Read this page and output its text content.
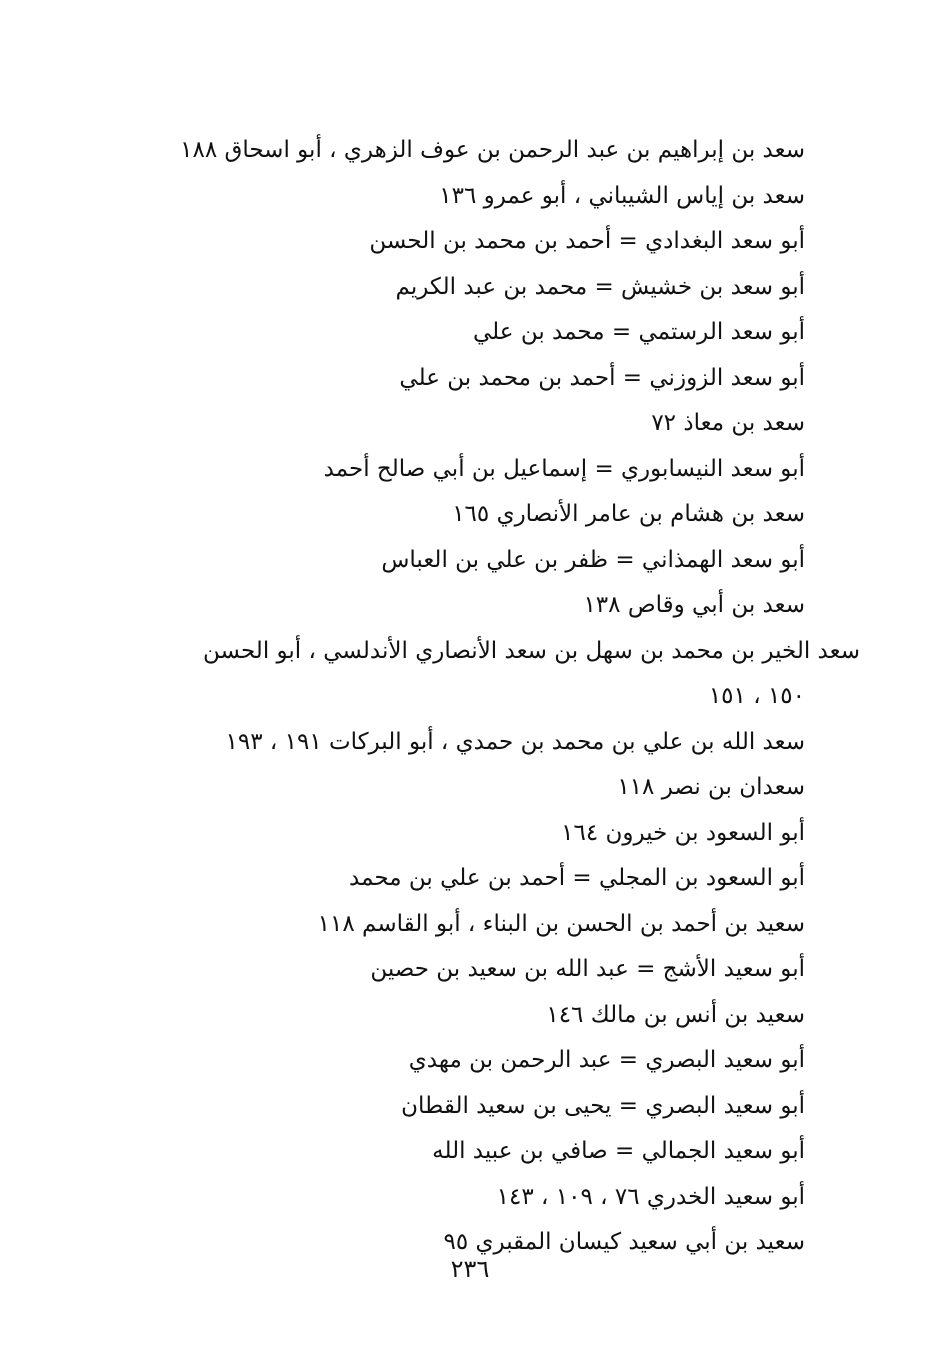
سعد بن إبراهيم بن عبد الرحمن بن عوف الزهري ، أبو اسحاق ١٨٨
سعد بن إياس الشيباني ، أبو عمرو ١٣٦
أبو سعد البغدادي = أحمد بن محمد بن الحسن
أبو سعد بن خشيش = محمد بن عبد الكريم
أبو سعد الرستمي = محمد بن علي
أبو سعد الزوزني = أحمد بن محمد بن علي
سعد بن معاذ ٧٢
أبو سعد النيسابوري = إسماعيل بن أبي صالح أحمد
سعد بن هشام بن عامر الأنصاري ١٦٥
أبو سعد الهمذاني = ظفر بن علي بن العباس
سعد بن أبي وقاص ١٣٨
سعد الخير بن محمد بن سهل بن سعد الأنصاري الأندلسي ، أبو الحسن
١٥٠ ، ١٥١
سعد الله بن علي بن محمد بن حمدي ، أبو البركات ١٩١ ، ١٩٣
سعدان بن نصر ١١٨
أبو السعود بن خيرون ١٦٤
أبو السعود بن المجلي = أحمد بن علي بن محمد
سعيد بن أحمد بن الحسن بن البناء ، أبو القاسم ١١٨
أبو سعيد الأشج = عبد الله بن سعيد بن حصين
سعيد بن أنس بن مالك ١٤٦
أبو سعيد البصري = عبد الرحمن بن مهدي
أبو سعيد البصري = يحيى بن سعيد القطان
أبو سعيد الجمالي = صافي بن عبيد الله
أبو سعيد الخدري ٧٦ ، ١٠٩ ، ١٤٣
سعيد بن أبي سعيد كيسان المقبري ٩٥
٢٣٦
